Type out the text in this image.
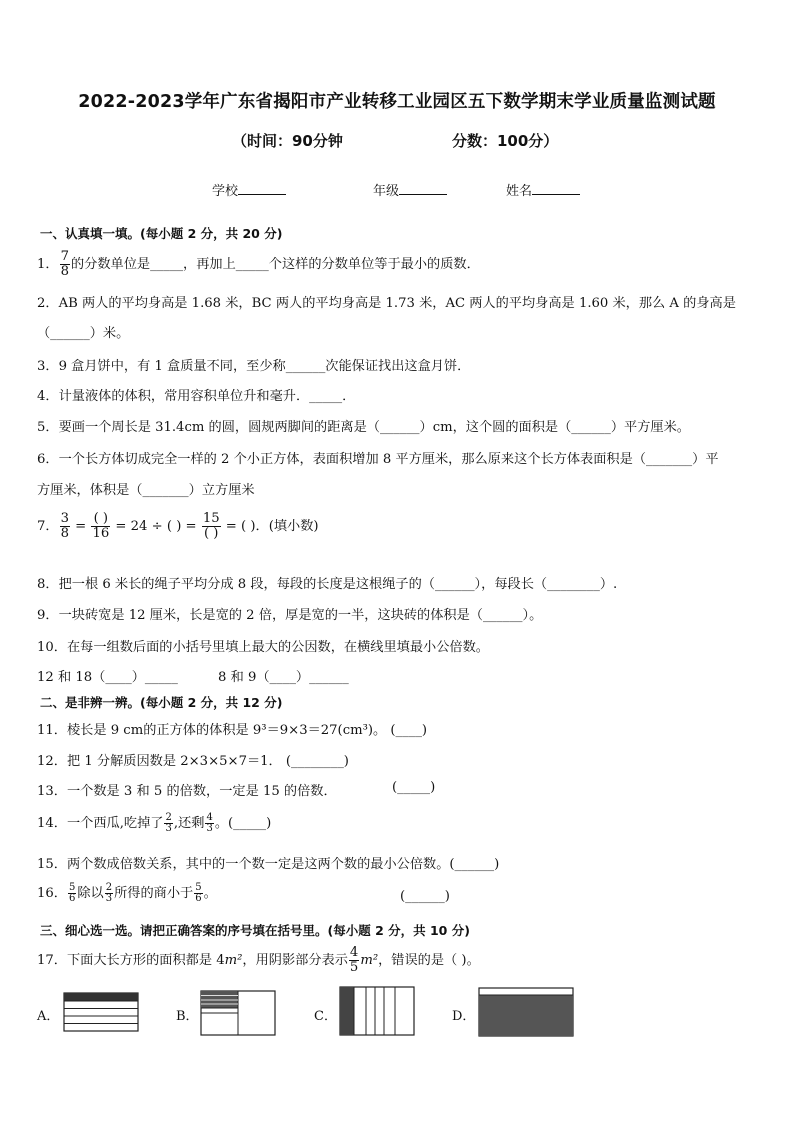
2022-2023学年广东省揭阳市产业转移工业园区五下数学期末学业质量监测试题
（时间：90分钟	分数：100分）
学校	年级	姓名
一、认真填一填。(每小题 2 分，共 20 分)
1． $\frac{7}{8}$ 的分数单位是_____，再加上_____个这样的分数单位等于最小的质数．
2．AB 两人的平均身高是 1.68 米，BC 两人的平均身高是 1.73 米，AC 两人的平均身高是 1.60 米，那么 A 的身高是
（______）米。
3．9 盒月饼中，有 1 盒质量不同，至少称______次能保证找出这盒月饼．
4．计量液体的体积，常用容积单位升和毫升．_____．
5．要画一个周长是 31.4cm 的圆，圆规两脚间的距离是（______）cm，这个圆的面积是（______）平方厘米。
6．一个长方体切成完全一样的 2 个小正方体，表面积增加 8 平方厘米，那么原来这个长方体表面积是（_______）平
方厘米，体积是（_______）立方厘米
7． $\frac{3}{8} = \frac{( )}{16} = 24$ ÷ ( ) = $\frac{15}{( )}$ = ( )．(填小数)
8．把一根 6 米长的绳子平均分成 8 段，每段的长度是这根绳子的（______），每段长（________）.
9．一块砖宽是 12 厘米，长是宽的 2 倍，厚是宽的一半，这块砖的体积是（______）。
10．在每一组数后面的小括号里填上最大的公因数，在横线里填最小公倍数。
12 和 18（____）_____	8 和 9（____）______
二、是非辨一辨。(每小题 2 分，共 12 分)
11．棱长是 9 cm的正方体的体积是 9³＝9×3＝27(cm³)。 (____)
12．把 1 分解质因数是 2×3×5×7＝1． (________)
13．一个数是 3 和 5 的倍数，一定是 15 的倍数．	(_____)
14．一个西瓜,吃掉了 $\frac{2}{3}$ ,还剩 $\frac{4}{3}$ 。(_____)
15．两个数成倍数关系，其中的一个数一定是这两个数的最小公倍数。(______)
16． $\frac{5}{6}$ 除以 $\frac{2}{3}$ 所得的商小于 $\frac{5}{6}$ 。	(______)
三、细心选一选。请把正确答案的序号填在括号里。(每小题 2 分，共 10 分)
17．下面大长方形的面积都是 4m²，用阴影部分表示 $\frac{4}{5} m^2$，错误的是（ )。
A．	B．	C．	D．
